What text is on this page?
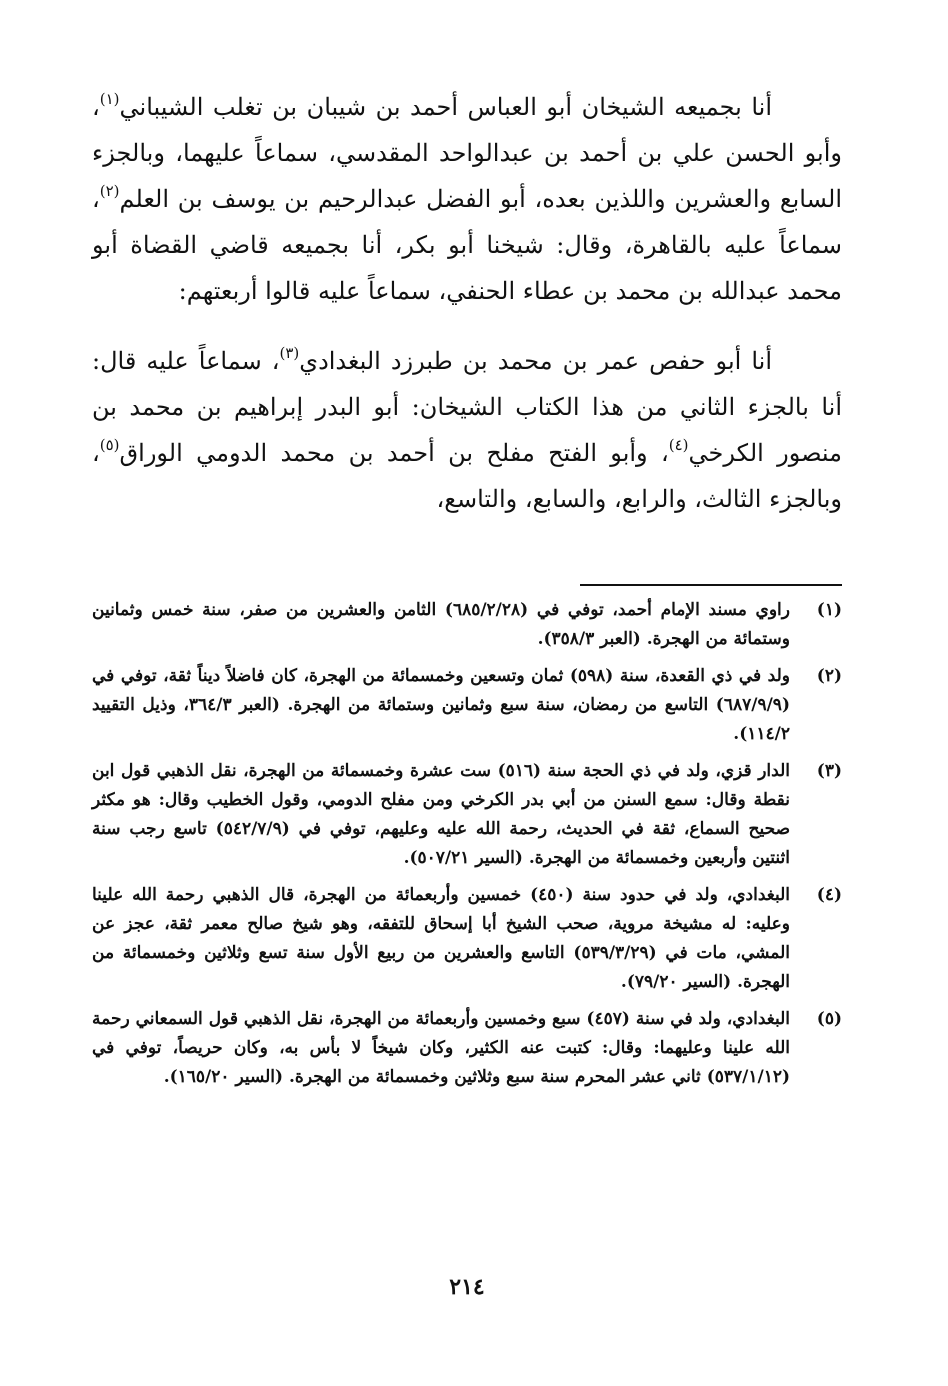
أنا بجميعه الشيخان أبو العباس أحمد بن شيبان بن تغلب الشيباني$^{(١)}$، وأبو الحسن علي بن أحمد بن عبدالواحد المقدسي، سماعاً عليهما، وبالجزء السابع والعشرين واللذين بعده، أبو الفضل عبدالرحيم بن يوسف بن العلم$^{(٢)}$، سماعاً عليه بالقاهرة، وقال: شيخنا أبو بكر، أنا بجميعه قاضي القضاة أبو محمد عبدالله بن محمد بن عطاء الحنفي، سماعاً عليه قالوا أربعتهم:

أنا أبو حفص عمر بن محمد بن طبرزد البغدادي$^{(٣)}$، سماعاً عليه قال: أنا بالجزء الثاني من هذا الكتاب الشيخان: أبو البدر إبراهيم بن محمد بن منصور الكرخي$^{(٤)}$، وأبو الفتح مفلح بن أحمد بن محمد الدومي الوراق$^{(٥)}$، وبالجزء الثالث، والرابع، والسابع، والتاسع،

(١)
راوي مسند الإمام أحمد، توفي في (٦٨٥/٢/٢٨) الثامن والعشرين من صفر، سنة خمس وثمانين وستمائة من الهجرة. (العبر ٣٥٨/٣).
(٢)
ولد في ذي القعدة، سنة (٥٩٨) ثمان وتسعين وخمسمائة من الهجرة، كان فاضلاً ديناً ثقة، توفي في (٦٨٧/٩/٩) التاسع من رمضان، سنة سبع وثمانين وستمائة من الهجرة. (العبر ٣٦٤/٣، وذيل التقييد ١١٤/٢).
(٣)
الدار قزي، ولد في ذي الحجة سنة (٥١٦) ست عشرة وخمسمائة من الهجرة، نقل الذهبي قول ابن نقطة وقال: سمع السنن من أبي بدر الكرخي ومن مفلح الدومي، وقول الخطيب وقال: هو مكثر صحيح السماع، ثقة في الحديث، رحمة الله عليه وعليهم، توفي في (٥٤٢/٧/٩) تاسع رجب سنة اثنتين وأربعين وخمسمائة من الهجرة. (السير ٥٠٧/٢١).
(٤)
البغدادي، ولد في حدود سنة (٤٥٠) خمسين وأربعمائة من الهجرة، قال الذهبي رحمة الله علينا وعليه: له مشيخة مروية، صحب الشيخ أبا إسحاق للتفقه، وهو شيخ صالح معمر ثقة، عجز عن المشي، مات في (٥٣٩/٣/٢٩) التاسع والعشرين من ربيع الأول سنة تسع وثلاثين وخمسمائة من الهجرة. (السير ٧٩/٢٠).
(٥)
البغدادي، ولد في سنة (٤٥٧) سبع وخمسين وأربعمائة من الهجرة، نقل الذهبي قول السمعاني رحمة الله علينا وعليهما: وقال: كتبت عنه الكثير، وكان شيخاً لا بأس به، وكان حريصاً، توفي في (٥٣٧/١/١٢) ثاني عشر المحرم سنة سبع وثلاثين وخمسمائة من الهجرة. (السير ١٦٥/٢٠).
٢١٤
